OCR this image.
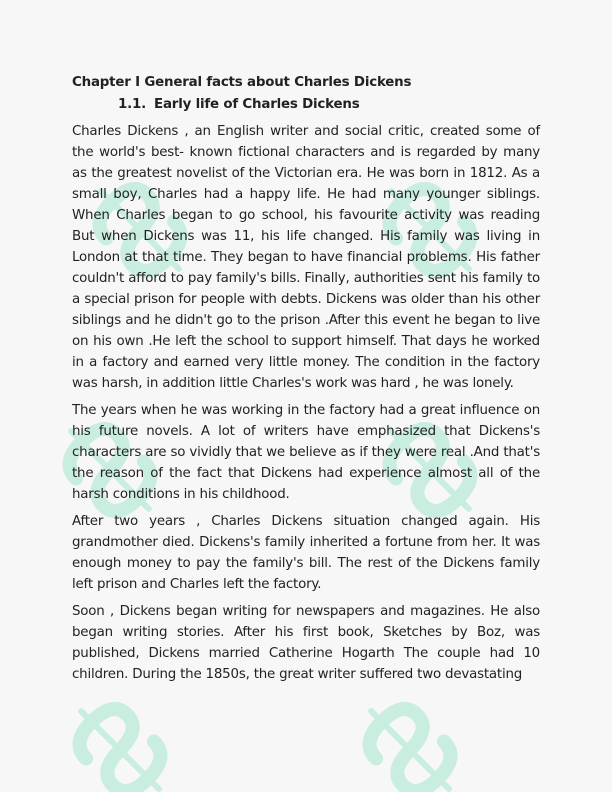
Chapter I General facts about Charles Dickens
1.1. Early life of Charles Dickens

Charles Dickens , an English writer and social critic, created some of the world's best- known fictional characters and is regarded by many as the greatest novelist of the Victorian era. He was born in 1812. As a small boy, Charles had a happy life. He had many younger siblings. When Charles began to go school, his favourite activity was reading But when Dickens was 11, his life changed. His family was living in London at that time. They began to have financial problems. His father couldn't afford to pay family's bills. Finally, authorities sent his family to a special prison for people with debts. Dickens was older than his other siblings and he didn't go to the prison .After this event he began to live on his own .He left the school to support himself. That days he worked in a factory and earned very little money. The condition in the factory was harsh, in addition little Charles's work was hard , he was lonely.

The years when he was working in the factory had a great influence on his future novels. A lot of writers have emphasized that Dickens's characters are so vividly that we believe as if they were real .And that's the reason of the fact that Dickens had experience almost all of the harsh conditions in his childhood.

After two years , Charles Dickens situation changed again. His grandmother died. Dickens's family inherited a fortune from her. It was enough money to pay the family's bill. The rest of the Dickens family left prison and Charles left the factory.

Soon , Dickens began writing for newspapers and magazines. He also began writing stories. After his first book, Sketches by Boz, was published, Dickens married Catherine Hogarth The couple had 10 children. During the 1850s, the great writer suffered two devastating
